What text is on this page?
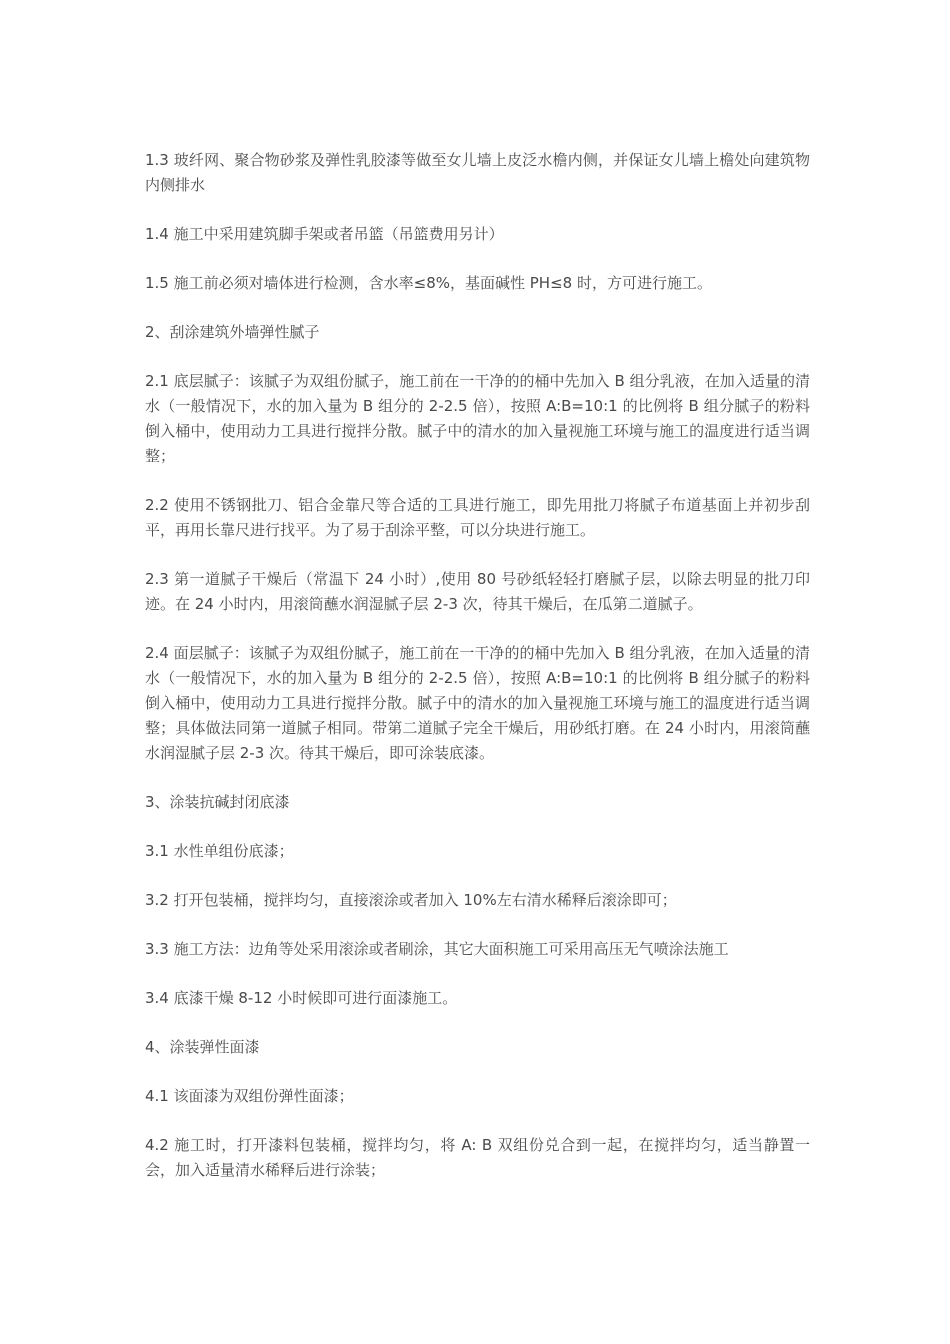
1.3 玻纤网、聚合物砂浆及弹性乳胶漆等做至女儿墙上皮泛水檐内侧，并保证女儿墙上檐处向建筑物内侧排水

1.4 施工中采用建筑脚手架或者吊篮（吊篮费用另计）

1.5 施工前必须对墙体进行检测，含水率≤8%，基面碱性 PH≤8 时，方可进行施工。

2、刮涂建筑外墙弹性腻子

2.1 底层腻子：该腻子为双组份腻子，施工前在一干净的的桶中先加入 B 组分乳液，在加入适量的清水（一般情况下，水的加入量为 B 组分的 2-2.5 倍），按照 A:B=10:1 的比例将 B 组分腻子的粉料倒入桶中，使用动力工具进行搅拌分散。腻子中的清水的加入量视施工环境与施工的温度进行适当调整；

2.2 使用不锈钢批刀、铝合金靠尺等合适的工具进行施工，即先用批刀将腻子布道基面上并初步刮平，再用长靠尺进行找平。为了易于刮涂平整，可以分块进行施工。

2.3 第一道腻子干燥后（常温下 24 小时）,使用 80 号砂纸轻轻打磨腻子层，以除去明显的批刀印迹。在 24 小时内，用滚筒蘸水润湿腻子层 2-3 次，待其干燥后，在瓜第二道腻子。

2.4 面层腻子：该腻子为双组份腻子，施工前在一干净的的桶中先加入 B 组分乳液，在加入适量的清水（一般情况下，水的加入量为 B 组分的 2-2.5 倍），按照 A:B=10:1 的比例将 B 组分腻子的粉料倒入桶中，使用动力工具进行搅拌分散。腻子中的清水的加入量视施工环境与施工的温度进行适当调整；具体做法同第一道腻子相同。带第二道腻子完全干燥后，用砂纸打磨。在 24 小时内，用滚筒蘸水润湿腻子层 2-3 次。待其干燥后，即可涂装底漆。

3、涂装抗碱封闭底漆

3.1 水性单组份底漆；

3.2 打开包装桶，搅拌均匀，直接滚涂或者加入 10%左右清水稀释后滚涂即可；

3.3 施工方法：边角等处采用滚涂或者刷涂，其它大面积施工可采用高压无气喷涂法施工

3.4 底漆干燥 8-12 小时候即可进行面漆施工。

4、涂装弹性面漆

4.1 该面漆为双组份弹性面漆；

4.2 施工时，打开漆料包装桶，搅拌均匀，将 A: B 双组份兑合到一起，在搅拌均匀，适当静置一会，加入适量清水稀释后进行涂装；
